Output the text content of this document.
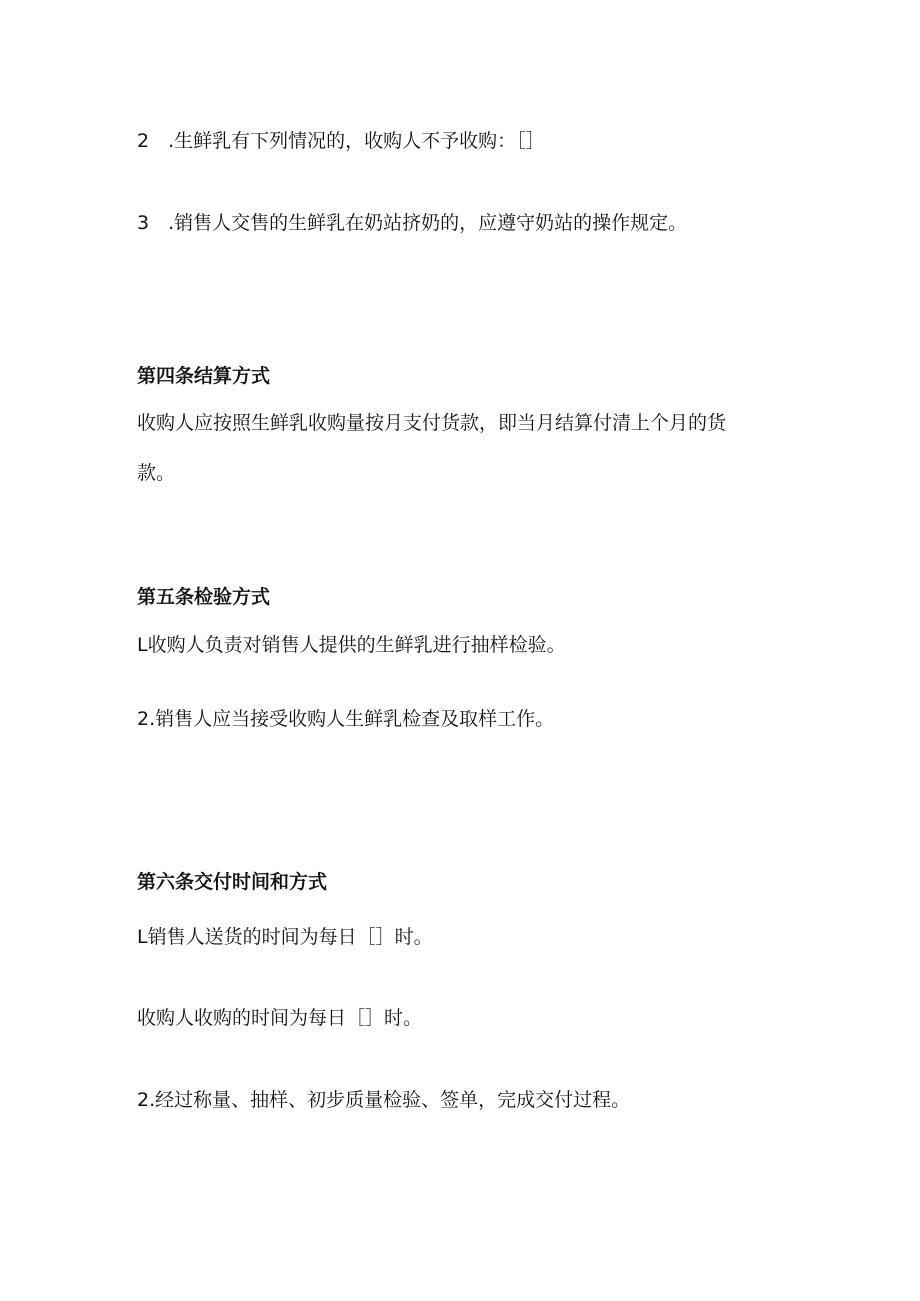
2　.生鲜乳有下列情况的，收购人不予收购：［］

3　.销售人交售的生鲜乳在奶站挤奶的，应遵守奶站的操作规定。

第四条结算方式

收购人应按照生鲜乳收购量按月支付货款，即当月结算付清上个月的货

款。

第五条检验方式

L收购人负责对销售人提供的生鲜乳进行抽样检验。

2.销售人应当接受收购人生鲜乳检查及取样工作。

第六条交付时间和方式

L销售人送货的时间为每日［］时。

收购人收购的时间为每日［］时。

2.经过称量、抽样、初步质量检验、签单，完成交付过程。
